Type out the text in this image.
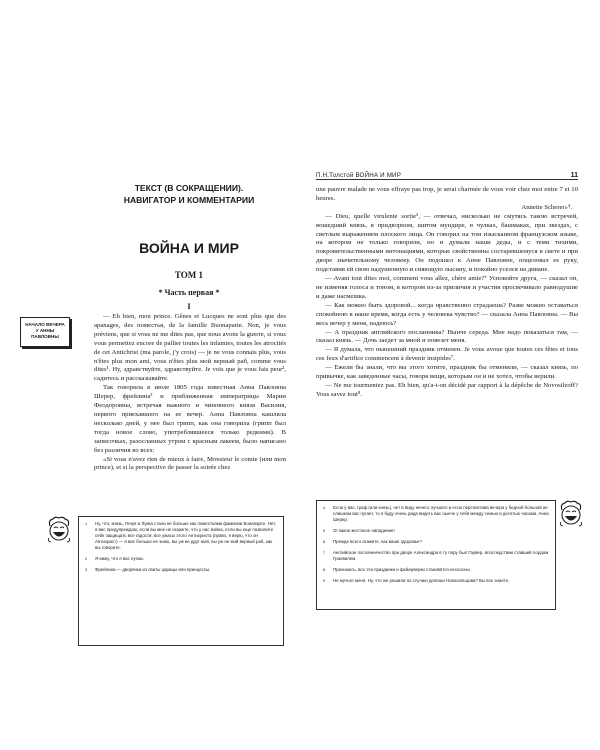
П.Н.Толстой ВОЙНА И МИР	11
ТЕКСТ (В СОКРАЩЕНИИ).
НАВИГАТОР И КОММЕНТАРИИ
ВОЙНА И МИР
ТОМ 1
* Часть первая *
I
НАЧАЛО ВЕЧЕРА
У АННЫ
ПАВЛОВНЫ

— Eh bien, mon prince. Gênes et Lucques ne sont plus que des apanages, des поместья, de la famille Buonaparte. Non, je vous préviens, que si vous ne me dites pas, que nous avons la guerre, si vous vous permettez encore de pallier toutes les infamies, toutes les atrocités de cet Antichrist (ma parole, j'y crois) — je ne vous connais plus, vous n'êtes plus mon ami, vous n'êtes plus мой верный раб, comme vous dites¹. Ну, здравствуйте, здравствуйте. Je vois que je vous fais peur², садитесь и рассказывайте.

Так говорила в июле 1805 года известная Анна Павловна Шерер, фрейлина³ и приближенная императрицы Марии Феодоровны, встречая важного и чиновного князя Василия, первого приехавшего на ее вечер. Анна Павловна кашляла несколько дней, у нее был грипп, как она говорила (грипп был тогда новое слово, употреблявшееся только редкими). В записочках, разосланных утром с красным лакеем, было написано без различия во всех:

«Si vous n'avez rien de mieux à faire, Monsieur le comte (или mon prince), et si la perspective de passer la soirée chez

une pauvre malade ne vous effraye pas trop, je serai charmée de vous voir chez moi entre 7 et 10 heures.

Annette Scherer»⁴.

— Dieu, quelle virulente sortie⁵, — отвечал, нисколько не смутясь такою встречей, вошедший князь, в придворном, шитом мундире, в чулках, башмаках, при звездах, с светлым выражением плоского лица. Он говорил на том изысканном французском языке, на котором не только говорили, но и думали наши деды, и с теми тихими, покровительственными интонациями, которые свойственны состаревшемуся в свете и при дворе значительному человеку. Он подошел к Анне Павловне, поцеловал ее руку, подставив ей свою надушенную и сияющую лысину, и покойно уселся на диване.

— Avant tout dites moi, comment vous allez, chère amie?⁶ Успокойте друга, — сказал он, не изменяя голоса и тоном, в котором из-за приличия и участия просвечивало равнодушие и даже насмешка.

— Как можно быть здоровой... когда нравственно страдаешь? Разве можно оставаться спокойною в наше время, когда есть у человека чувство? — сказала Анна Павловна. — Вы весь вечер у меня, надеюсь?

— А праздник английского посланника? Нынче середа. Мне надо показаться там, — сказал князь. — Дочь заедет за мной и повезет меня.

— Я думала, что нынешний праздник отменен. Je vous avoue que toutes ces fêtes et tous ces feux d'artifice commencent à devenir insipides⁷.

— Ежели бы знали, что вы этого хотите, праздник бы отменили, — сказал князь, по привычке, как заведенные часы, говоря вещи, которым он и не хотел, чтобы верили.

— Ne me tourmentez pas. Eh bien, qu'a-t-on décidé par rapport à la dépêche de Novosilzoff? Vous savez tout⁸.

1	Ну, что, князь, Генуя и Лукка стали не больше как поместьями фамилии Бонапарте. Нет, я вас предупреждаю, если вы мне не скажете, что у нас война, если вы еще позволите себе защищать все гадости, все ужасы этого Антихриста (право, я верю, что он Антихрист) — я вас больше не знаю, вы уж не друг мой, вы уж не мой верный раб, как вы говорите.
2	Я вижу, что я вас пугаю.
3	Фрейлина — дворянка из свиты царицы или принцессы.
4	Если у вас, граф (или князь), нет в виду ничего лучшего и если перспектива вечера у бедной больной не слишком вас пугает, то я буду очень рада видеть вас нынче у себя между семью и десятью часами. Анна Шерер.
5	О! какое жестокое нападение!
6	Прежде всего скажите, как ваше здоровье?
7	Английское посланничество при дворе Александра в ту пору был Гаувер, впоследствии ставший лордом Гранвилем.
8	Признаюсь, все эти праздники и фейерверки становятся несносны.
9	Не мучьте меня. Ну, что же решили по случаю депеши Новосильцова? Вы все знаете.
